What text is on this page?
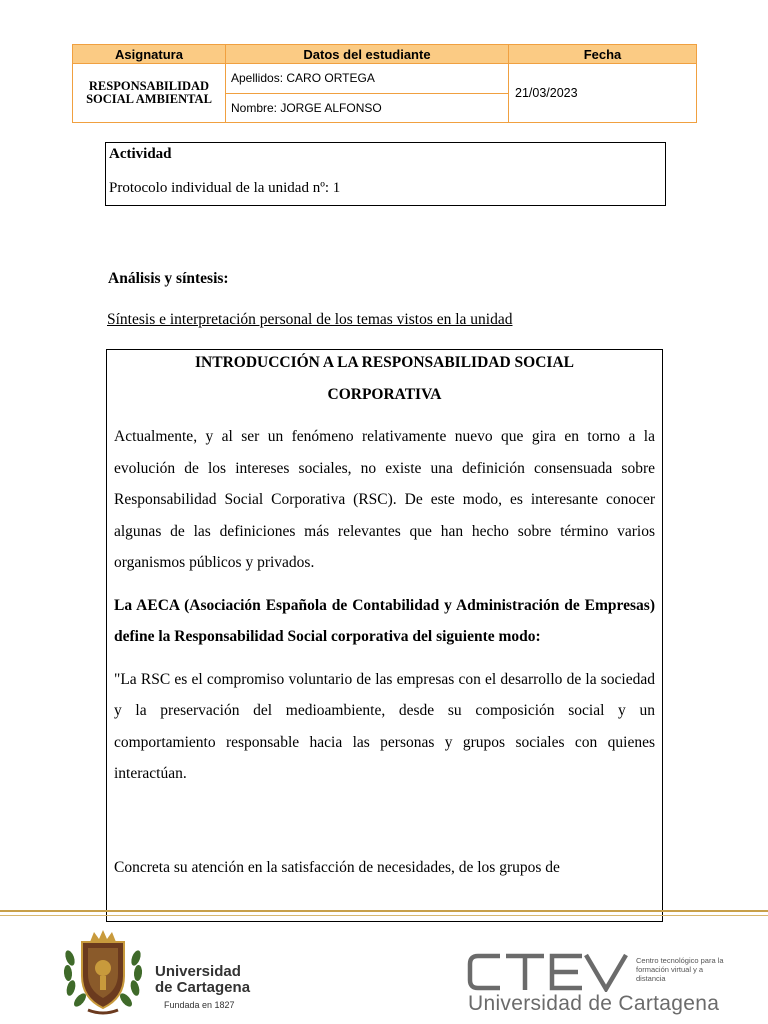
Asignatura	Datos del estudiante	Fecha
RESPONSABILIDAD SOCIAL AMBIENTAL	Apellidos: CARO ORTEGA	21/03/2023
	Nombre: JORGE ALFONSO	
Actividad
Protocolo individual de la unidad nº: 1
Análisis y síntesis:
Síntesis e interpretación personal de los temas vistos en la unidad
INTRODUCCIÓN A LA RESPONSABILIDAD SOCIAL
CORPORATIVA

Actualmente, y al ser un fenómeno relativamente nuevo que gira en torno a la evolución de los intereses sociales, no existe una definición consensuada sobre Responsabilidad Social Corporativa (RSC). De este modo, es interesante conocer algunas de las definiciones más relevantes que han hecho sobre término varios organismos públicos y privados.

La AECA (Asociación Española de Contabilidad y Administración de Empresas) define la Responsabilidad Social corporativa del siguiente modo:

"La RSC es el compromiso voluntario de las empresas con el desarrollo de la sociedad y la preservación del medioambiente, desde su composición social y un comportamiento responsable hacia las personas y grupos sociales con quienes interactúan.

Concreta su atención en la satisfacción de necesidades, de los grupos de

Universidad
de Cartagena
Fundada en 1827
Centro tecnológico para la formación virtual y a distancia
Universidad de Cartagena
